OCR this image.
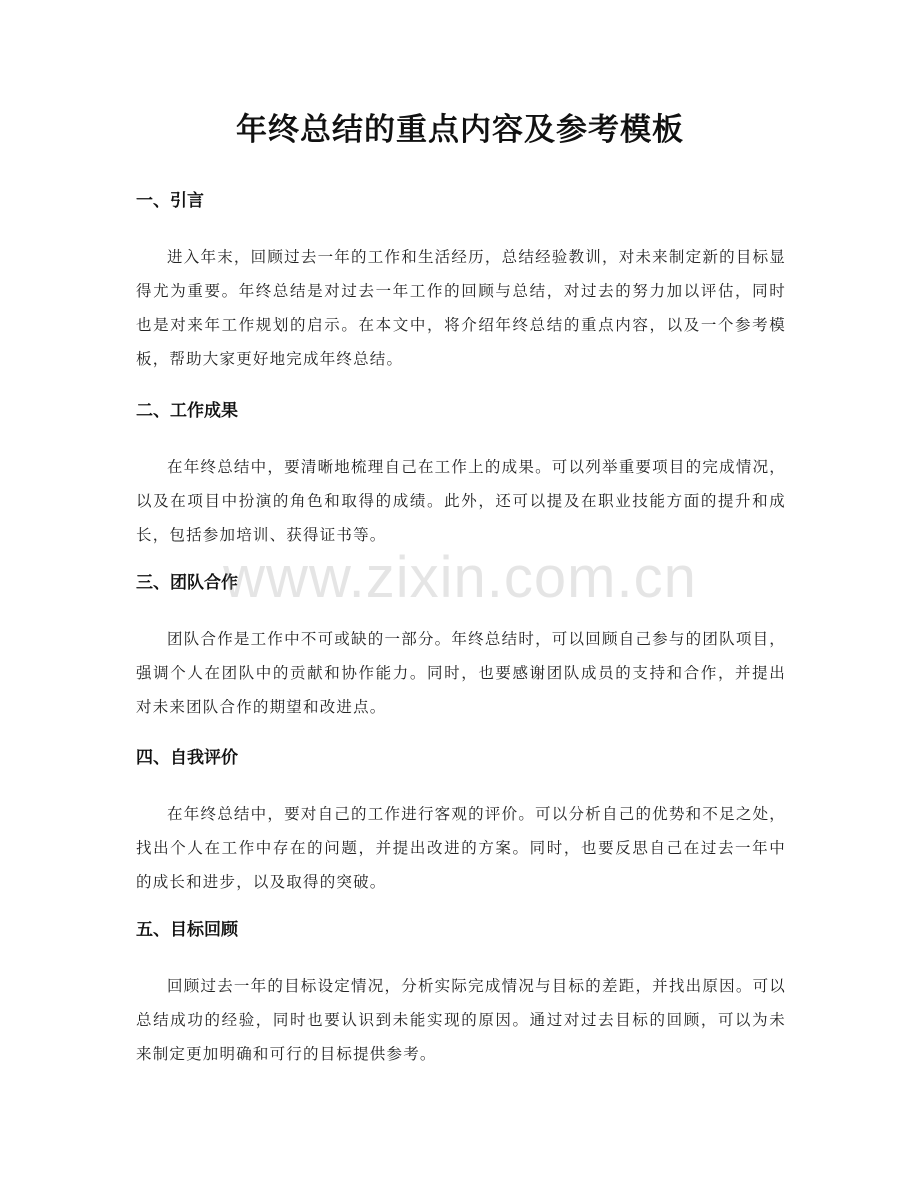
年终总结的重点内容及参考模板
一、引言

进入年末，回顾过去一年的工作和生活经历，总结经验教训，对未来制定新的目标显得尤为重要。年终总结是对过去一年工作的回顾与总结，对过去的努力加以评估，同时也是对来年工作规划的启示。在本文中，将介绍年终总结的重点内容，以及一个参考模板，帮助大家更好地完成年终总结。

二、工作成果

在年终总结中，要清晰地梳理自己在工作上的成果。可以列举重要项目的完成情况，以及在项目中扮演的角色和取得的成绩。此外，还可以提及在职业技能方面的提升和成长，包括参加培训、获得证书等。

三、团队合作

团队合作是工作中不可或缺的一部分。年终总结时，可以回顾自己参与的团队项目，强调个人在团队中的贡献和协作能力。同时，也要感谢团队成员的支持和合作，并提出对未来团队合作的期望和改进点。

四、自我评价

在年终总结中，要对自己的工作进行客观的评价。可以分析自己的优势和不足之处，找出个人在工作中存在的问题，并提出改进的方案。同时，也要反思自己在过去一年中的成长和进步，以及取得的突破。

五、目标回顾

回顾过去一年的目标设定情况，分析实际完成情况与目标的差距，并找出原因。可以总结成功的经验，同时也要认识到未能实现的原因。通过对过去目标的回顾，可以为未来制定更加明确和可行的目标提供参考。

www.zixin.com.cn
